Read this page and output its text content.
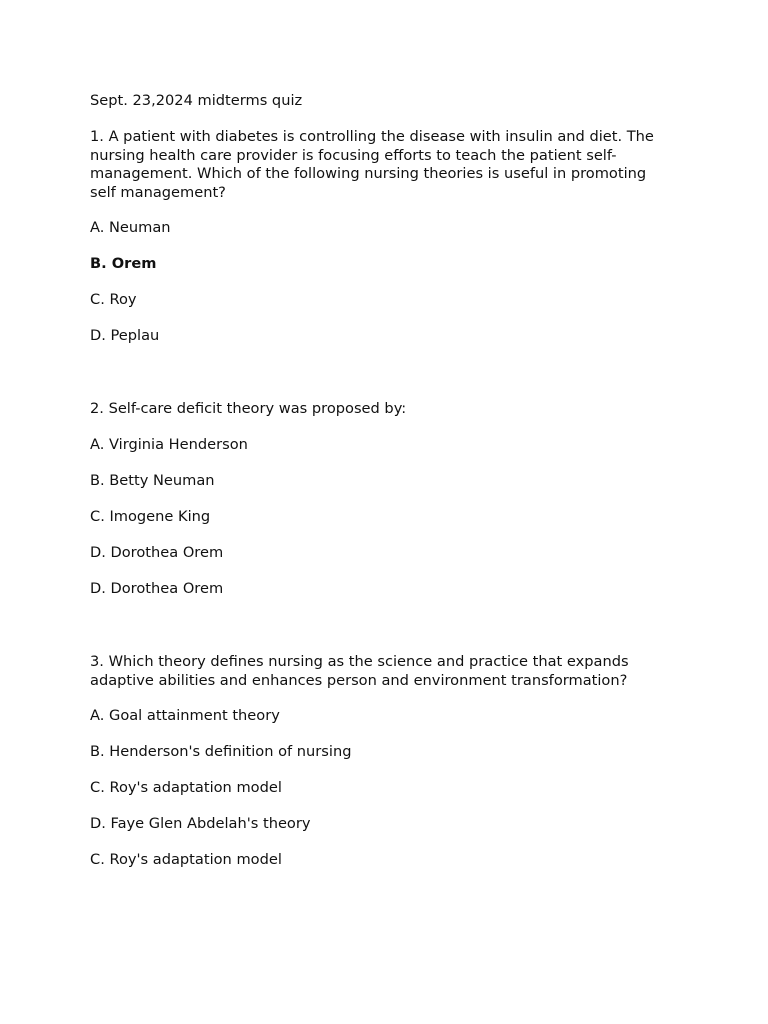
Sept. 23,2024 midterms quiz
1. A patient with diabetes is controlling the disease with insulin and diet. The
nursing health care provider is focusing efforts to teach the patient self-
management. Which of the following nursing theories is useful in promoting
self management?
A. Neuman
B. Orem
C. Roy
D. Peplau
2. Self-care deficit theory was proposed by:
A. Virginia Henderson
B. Betty Neuman
C. Imogene King
D. Dorothea Orem
D. Dorothea Orem
3. Which theory defines nursing as the science and practice that expands
adaptive abilities and enhances person and environment transformation?
A. Goal attainment theory
B. Henderson's definition of nursing
C. Roy's adaptation model
D. Faye Glen Abdelah's theory
C. Roy's adaptation model
